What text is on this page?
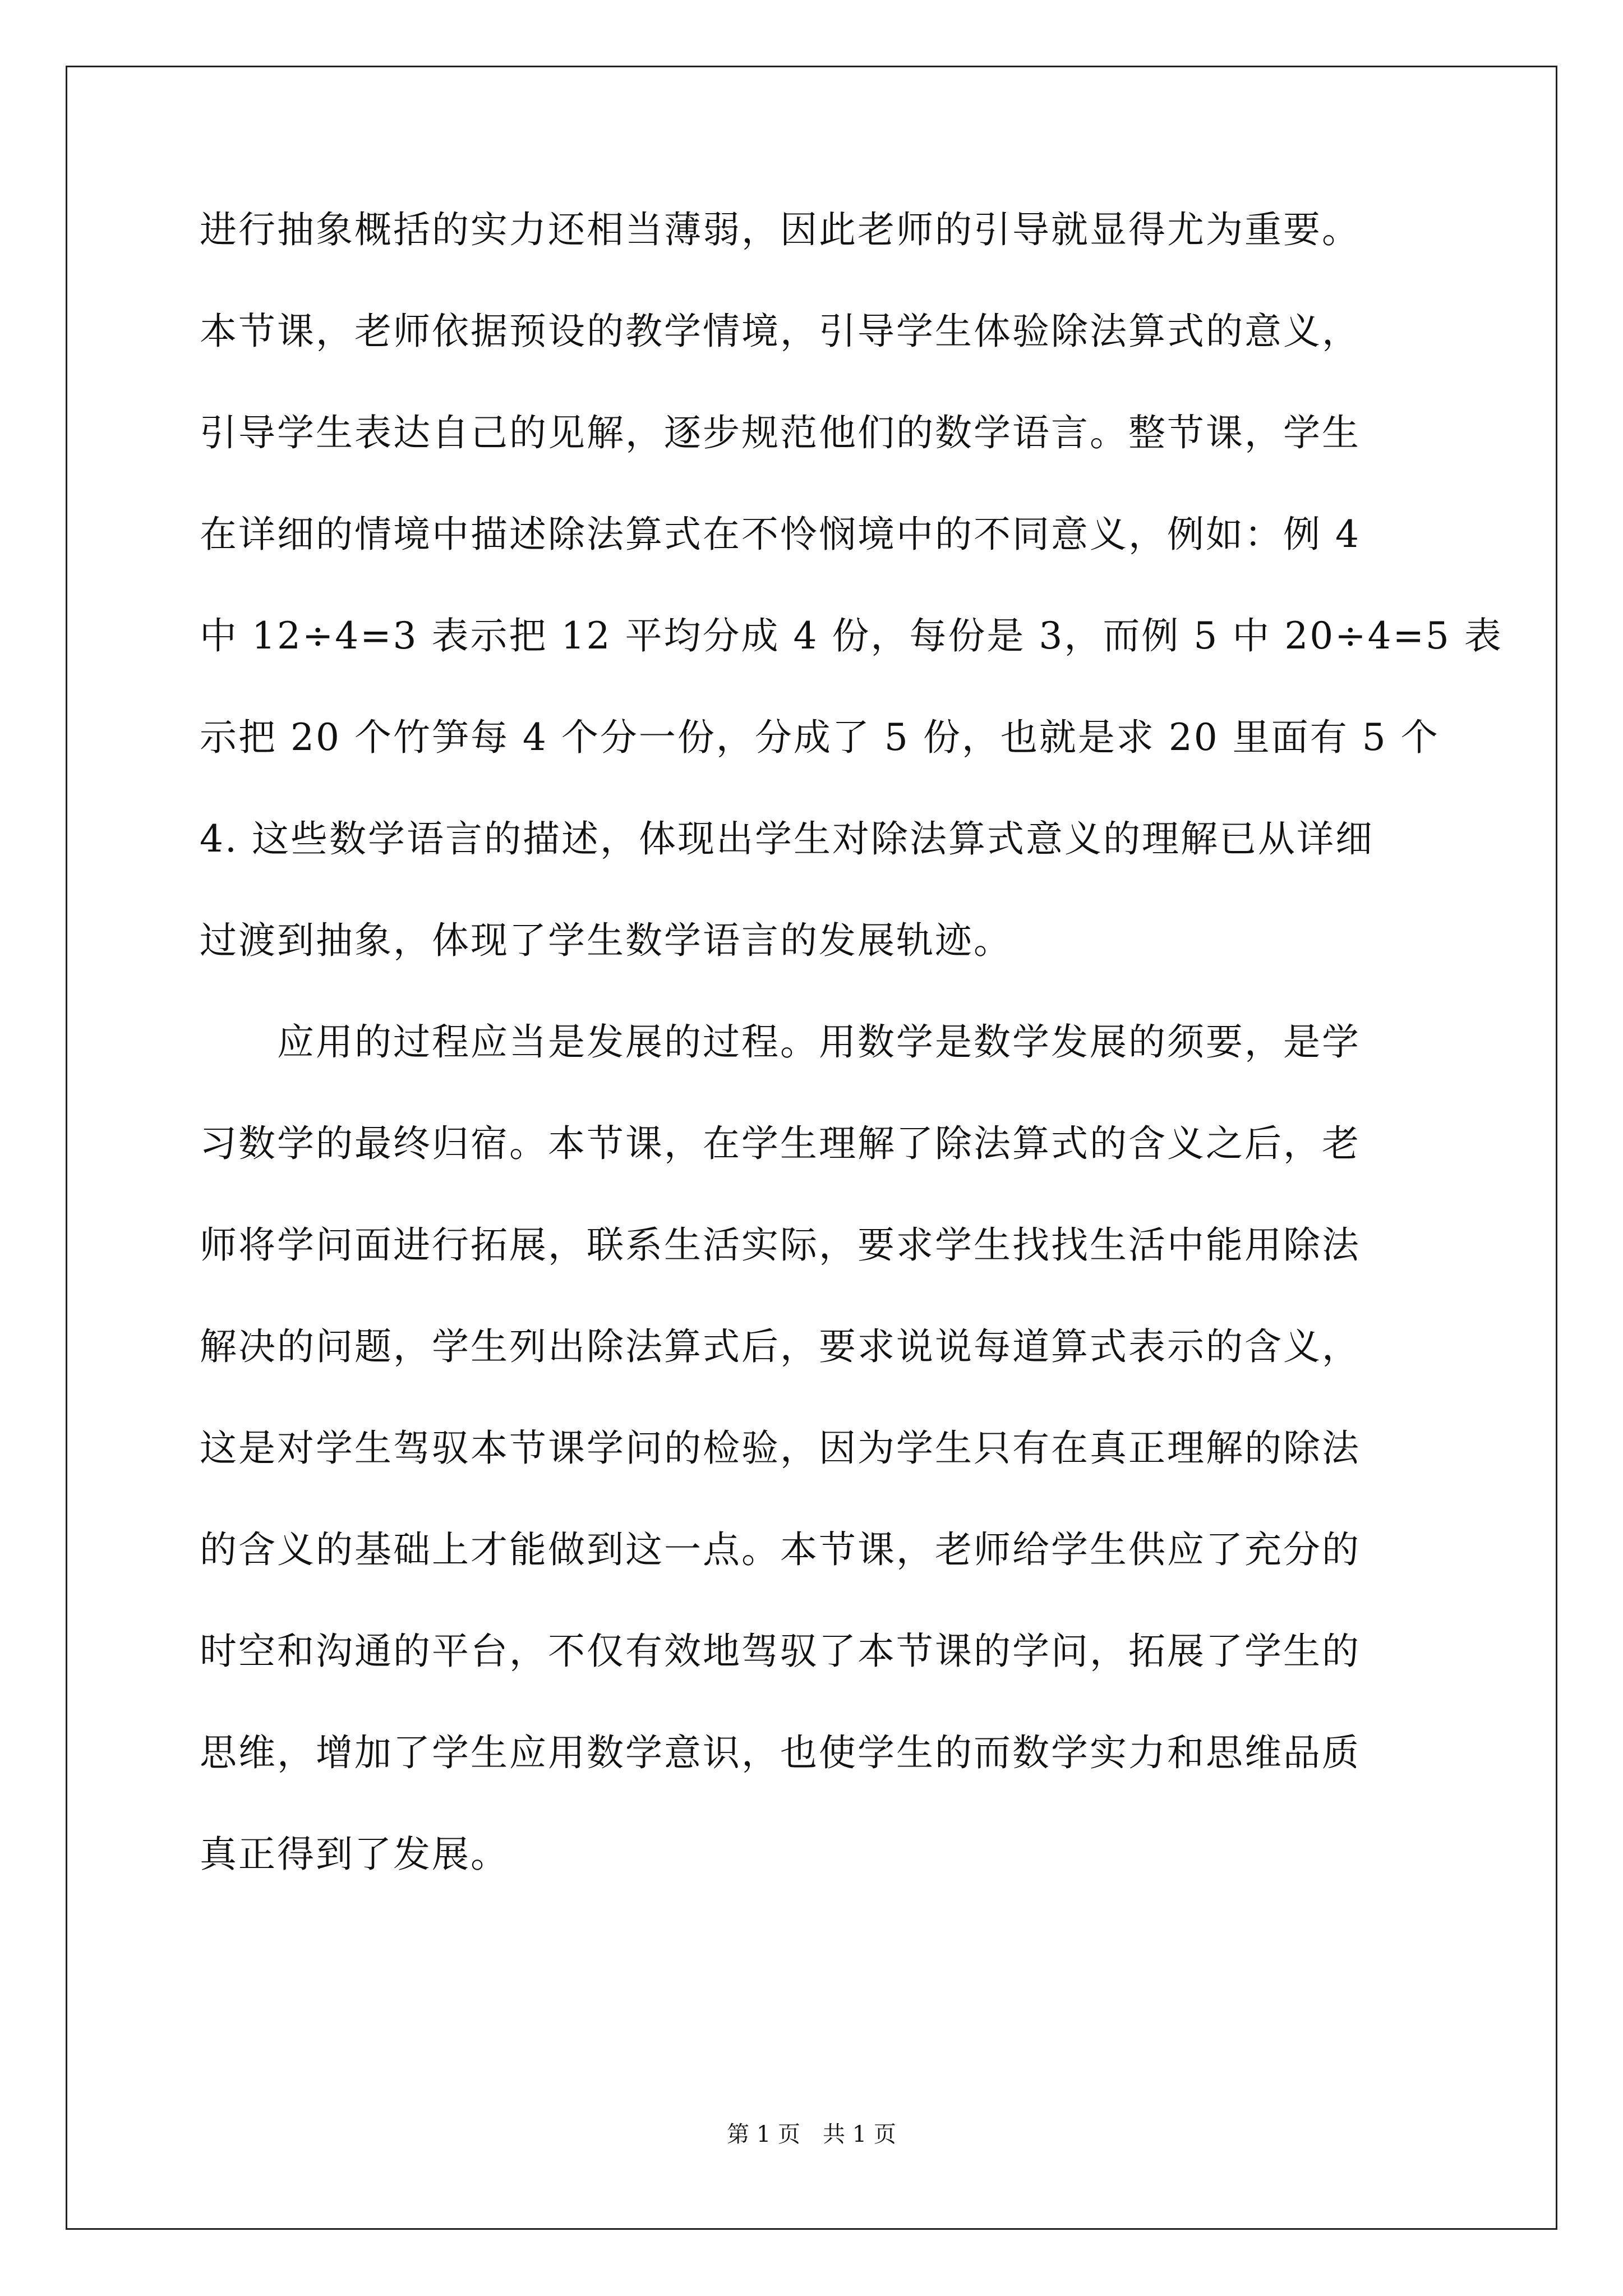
进行抽象概括的实力还相当薄弱，因此老师的引导就显得尤为重要。
本节课，老师依据预设的教学情境，引导学生体验除法算式的意义，
引导学生表达自己的见解，逐步规范他们的数学语言。整节课，学生
在详细的情境中描述除法算式在不怜悯境中的不同意义，例如：例 4
中 12÷4=3 表示把 12 平均分成 4 份，每份是 3，而例 5 中 20÷4=5 表
示把 20 个竹笋每 4 个分一份，分成了 5 份，也就是求 20 里面有 5 个
4. 这些数学语言的描述，体现出学生对除法算式意义的理解已从详细
过渡到抽象，体现了学生数学语言的发展轨迹。
　　应用的过程应当是发展的过程。用数学是数学发展的须要，是学
习数学的最终归宿。本节课，在学生理解了除法算式的含义之后，老
师将学问面进行拓展，联系生活实际，要求学生找找生活中能用除法
解决的问题，学生列出除法算式后，要求说说每道算式表示的含义，
这是对学生驾驭本节课学问的检验，因为学生只有在真正理解的除法
的含义的基础上才能做到这一点。本节课，老师给学生供应了充分的
时空和沟通的平台，不仅有效地驾驭了本节课的学问，拓展了学生的
思维，增加了学生应用数学意识，也使学生的而数学实力和思维品质
真正得到了发展。
第 1 页　共 1 页
